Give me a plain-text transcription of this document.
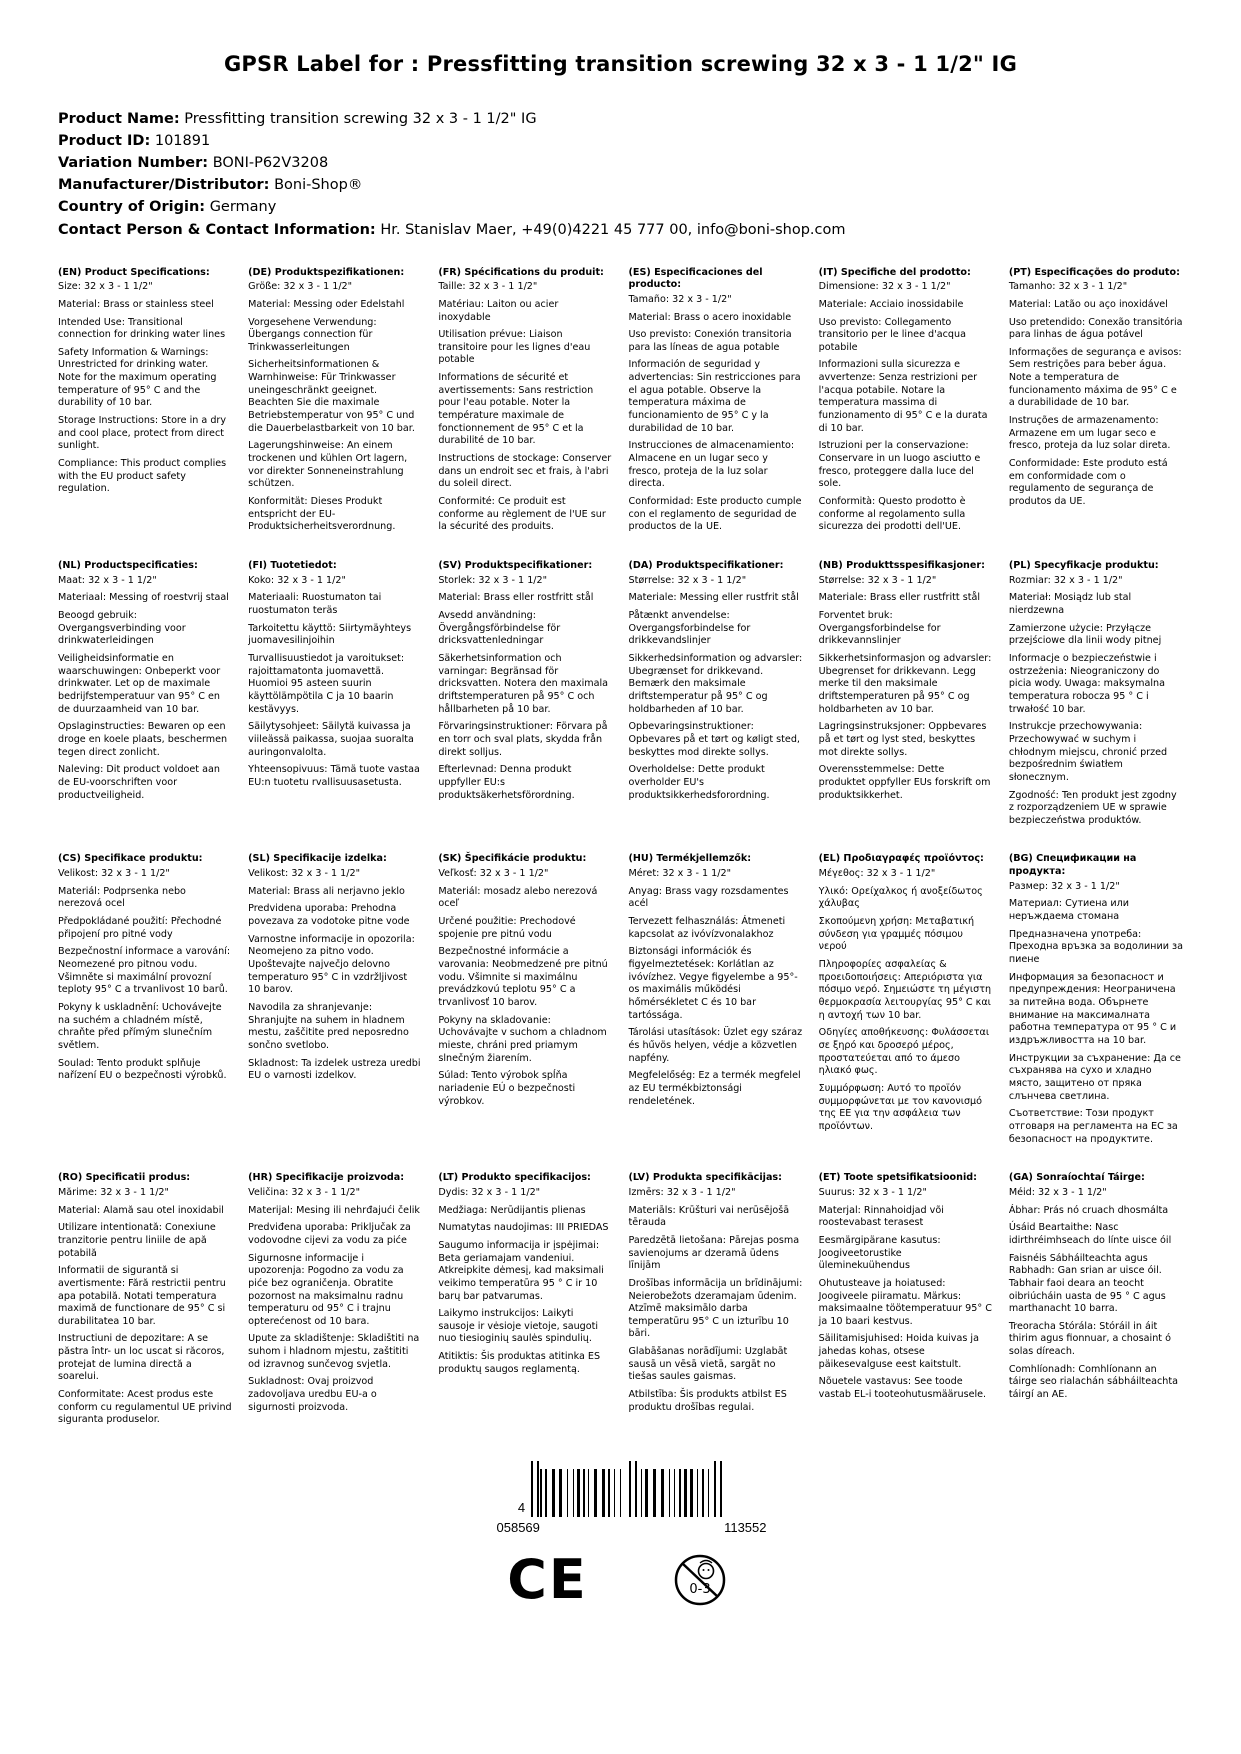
GPSR Label for : Pressfitting transition screwing 32 x 3 - 1 1/2" IG
Product Name: Pressfitting transition screwing 32 x 3 - 1 1/2" IG
Product ID: 101891
Variation Number: BONI-P62V3208
Manufacturer/Distributor: Boni-Shop®
Country of Origin: Germany
Contact Person & Contact Information: Hr. Stanislav Maer, +49(0)4221 45 777 00, info@boni-shop.com
(EN) Product Specifications:

Size: 32 x 3 - 1 1/2"

Material: Brass or stainless steel

Intended Use: Transitional connection for drinking water lines

Safety Information & Warnings: Unrestricted for drinking water. Note for the maximum operating temperature of 95° C and the durability of 10 bar.

Storage Instructions: Store in a dry and cool place, protect from direct sunlight.

Compliance: This product complies with the EU product safety regulation.

(DE) Produktspezifikationen:

Größe: 32 x 3 - 1 1/2"

Material: Messing oder Edelstahl

Vorgesehene Verwendung: Übergangs connection für Trinkwasserleitungen

Sicherheitsinformationen & Warnhinweise: Für Trinkwasser uneingeschränkt geeignet. Beachten Sie die maximale Betriebstemperatur von 95° C und die Dauerbelastbarkeit von 10 bar.

Lagerungshinweise: An einem trockenen und kühlen Ort lagern, vor direkter Sonneneinstrahlung schützen.

Konformität: Dieses Produkt entspricht der EU-Produktsicherheitsverordnung.

(FR) Spécifications du produit:

Taille: 32 x 3 - 1 1/2"

Matériau: Laiton ou acier inoxydable

Utilisation prévue: Liaison transitoire pour les lignes d'eau potable

Informations de sécurité et avertissements: Sans restriction pour l'eau potable. Noter la température maximale de fonctionnement de 95° C et la durabilité de 10 bar.

Instructions de stockage: Conserver dans un endroit sec et frais, à l'abri du soleil direct.

Conformité: Ce produit est conforme au règlement de l'UE sur la sécurité des produits.

(ES) Especificaciones del producto:

Tamaño: 32 x 3 - 1/2"

Material: Brass o acero inoxidable

Uso previsto: Conexión transitoria para las líneas de agua potable

Información de seguridad y advertencias: Sin restricciones para el agua potable. Observe la temperatura máxima de funcionamiento de 95° C y la durabilidad de 10 bar.

Instrucciones de almacenamiento: Almacene en un lugar seco y fresco, proteja de la luz solar directa.

Conformidad: Este producto cumple con el reglamento de seguridad de productos de la UE.

(IT) Specifiche del prodotto:

Dimensione: 32 x 3 - 1 1/2"

Materiale: Acciaio inossidabile

Uso previsto: Collegamento transitorio per le linee d'acqua potabile

Informazioni sulla sicurezza e avvertenze: Senza restrizioni per l'acqua potabile. Notare la temperatura massima di funzionamento di 95° C e la durata di 10 bar.

Istruzioni per la conservazione: Conservare in un luogo asciutto e fresco, proteggere dalla luce del sole.

Conformità: Questo prodotto è conforme al regolamento sulla sicurezza dei prodotti dell'UE.

(PT) Especificações do produto:

Tamanho: 32 x 3 - 1 1/2"

Material: Latão ou aço inoxidável

Uso pretendido: Conexão transitória para linhas de água potável

Informações de segurança e avisos: Sem restrições para beber água. Note a temperatura de funcionamento máxima de 95° C e a durabilidade de 10 bar.

Instruções de armazenamento: Armazene em um lugar seco e fresco, proteja da luz solar direta.

Conformidade: Este produto está em conformidade com o regulamento de segurança de produtos da UE.

(NL) Productspecificaties:

Maat: 32 x 3 - 1 1/2"

Materiaal: Messing of roestvrij staal

Beoogd gebruik: Overgangsverbinding voor drinkwaterleidingen

Veiligheidsinformatie en waarschuwingen: Onbeperkt voor drinkwater. Let op de maximale bedrijfstemperatuur van 95° C en de duurzaamheid van 10 bar.

Opslaginstructies: Bewaren op een droge en koele plaats, beschermen tegen direct zonlicht.

Naleving: Dit product voldoet aan de EU-voorschriften voor productveiligheid.

(FI) Tuotetiedot:

Koko: 32 x 3 - 1 1/2"

Materiaali: Ruostumaton tai ruostumaton teräs

Tarkoitettu käyttö: Siirtymäyhteys juomavesilinjoihin

Turvallisuustiedot ja varoitukset: rajoittamatonta juomavettä. Huomioi 95 asteen suurin käyttölämpötila C ja 10 baarin kestävyys.

Säilytysohjeet: Säilytä kuivassa ja viileässä paikassa, suojaa suoralta auringonvalolta.

Yhteensopivuus: Tämä tuote vastaa EU:n tuotetu rvallisuusasetusta.

(SV) Produktspecifikationer:

Storlek: 32 x 3 - 1 1/2"

Material: Brass eller rostfritt stål

Avsedd användning: Övergångsförbindelse för dricksvattenledningar

Säkerhetsinformation och varningar: Begränsad för dricksvatten. Notera den maximala driftstemperaturen på 95° C och hållbarheten på 10 bar.

Förvaringsinstruktioner: Förvara på en torr och sval plats, skydda från direkt solljus.

Efterlevnad: Denna produkt uppfyller EU:s produktsäkerhetsförordning.

(DA) Produktspecifikationer:

Størrelse: 32 x 3 - 1 1/2"

Materiale: Messing eller rustfrit stål

Påtænkt anvendelse: Overgangsforbindelse for drikkevandslinjer

Sikkerhedsinformation og advarsler: Ubegrænset for drikkevand. Bemærk den maksimale driftstemperatur på 95° C og holdbarheden af 10 bar.

Opbevaringsinstruktioner: Opbevares på et tørt og køligt sted, beskyttes mod direkte sollys.

Overholdelse: Dette produkt overholder EU's produktsikkerhedsforordning.

(NB) Produkttsspesifikasjoner:

Størrelse: 32 x 3 - 1 1/2"

Materiale: Brass eller rustfritt stål

Forventet bruk: Overgangsforbindelse for drikkevannslinjer

Sikkerhetsinformasjon og advarsler: Ubegrenset for drikkevann. Legg merke til den maksimale driftstemperaturen på 95° C og holdbarheten av 10 bar.

Lagringsinstruksjoner: Oppbevares på et tørt og lyst sted, beskyttes mot direkte sollys.

Overensstemmelse: Dette produktet oppfyller EUs forskrift om produktsikkerhet.

(PL) Specyfikacje produktu:

Rozmiar: 32 x 3 - 1 1/2"

Materiał: Mosiądz lub stal nierdzewna

Zamierzone użycie: Przyłącze przejściowe dla linii wody pitnej

Informacje o bezpieczeństwie i ostrzeżenia: Nieograniczony do picia wody. Uwaga: maksymalna temperatura robocza 95 ° C i trwałość 10 bar.

Instrukcje przechowywania: Przechowywać w suchym i chłodnym miejscu, chronić przed bezpośrednim światłem słonecznym.

Zgodność: Ten produkt jest zgodny z rozporządzeniem UE w sprawie bezpieczeństwa produktów.

(CS) Specifikace produktu:

Velikost: 32 x 3 - 1 1/2"

Materiál: Podprsenka nebo nerezová ocel

Předpokládané použití: Přechodné připojení pro pitné vody

Bezpečnostní informace a varování: Neomezené pro pitnou vodu. Všimněte si maximální provozní teploty 95° C a trvanlivost 10 barů.

Pokyny k uskladnění: Uchovávejte na suchém a chladném místě, chraňte před přímým slunečním světlem.

Soulad: Tento produkt splňuje nařízení EU o bezpečnosti výrobků.

(SL) Specifikacije izdelka:

Velikost: 32 x 3 - 1 1/2"

Material: Brass ali nerjavno jeklo

Predvidena uporaba: Prehodna povezava za vodotoke pitne vode

Varnostne informacije in opozorila: Neomejeno za pitno vodo. Upoštevajte največjo delovno temperaturo 95° C in vzdržljivost 10 barov.

Navodila za shranjevanje: Shranjujte na suhem in hladnem mestu, zaščitite pred neposredno sončno svetlobo.

Skladnost: Ta izdelek ustreza uredbi EU o varnosti izdelkov.

(SK) Špecifikácie produktu:

Veľkosť: 32 x 3 - 1 1/2"

Materiál: mosadz alebo nerezová oceľ

Určené použitie: Prechodové spojenie pre pitnú vodu

Bezpečnostné informácie a varovania: Neobmedzené pre pitnú vodu. Všimnite si maximálnu prevádzkovú teplotu 95° C a trvanlivosť 10 barov.

Pokyny na skladovanie: Uchovávajte v suchom a chladnom mieste, chráni pred priamym slnečným žiarením.

Súlad: Tento výrobok spĺňa nariadenie EÚ o bezpečnosti výrobkov.

(HU) Termékjellemzők:

Méret: 32 x 3 - 1 1/2"

Anyag: Brass vagy rozsdamentes acél

Tervezett felhasználás: Átmeneti kapcsolat az ivóvízvonalakhoz

Biztonsági információk és figyelmeztetések: Korlátlan az ivóvízhez. Vegye figyelembe a 95°-os maximális működési hőmérsékletet C és 10 bar tartóssága.

Tárolási utasítások: Üzlet egy száraz és hűvös helyen, védje a közvetlen napfény.

Megfelelőség: Ez a termék megfelel az EU termékbiztonsági rendeletének.

(EL) Προδιαγραφές προϊόντος:

Μέγεθος: 32 x 3 - 1 1/2"

Υλικό: Ορείχαλκος ή ανοξείδωτος χάλυβας

Σκοπούμενη χρήση: Μεταβατική σύνδεση για γραμμές πόσιμου νερού

Πληροφορίες ασφαλείας & προειδοποιήσεις: Απεριόριστα για πόσιμο νερό. Σημειώστε τη μέγιστη θερμοκρασία λειτουργίας 95° C και η αντοχή των 10 bar.

Οδηγίες αποθήκευσης: Φυλάσσεται σε ξηρό και δροσερό μέρος, προστατεύεται από το άμεσο ηλιακό φως.

Συμμόρφωση: Αυτό το προϊόν συμμορφώνεται με τον κανονισμό της ΕΕ για την ασφάλεια των προϊόντων.

(BG) Спецификации на продукта:

Размер: 32 x 3 - 1 1/2"

Материал: Сутиена или неръждаема стомана

Предназначена употреба: Преходна връзка за водолинии за пиене

Информация за безопасност и предупреждения: Неограничена за питейна вода. Обърнете внимание на максималната работна температура от 95 ° C и издръжливостта на 10 bar.

Инструкции за съхранение: Да се съхранява на сухо и хладно място, защитено от пряка слънчева светлина.

Съответствие: Този продукт отговаря на регламента на ЕС за безопасност на продуктите.

(RO) Specificatii produs:

Mărime: 32 x 3 - 1 1/2"

Material: Alamă sau otel inoxidabil

Utilizare intentionată: Conexiune tranzitorie pentru liniile de apă potabilă

Informatii de sigurantă si avertismente: Fără restrictii pentru apa potabilă. Notati temperatura maximă de functionare de 95° C si durabilitatea 10 bar.

Instructiuni de depozitare: A se păstra într- un loc uscat si răcoros, protejat de lumina directă a soarelui.

Conformitate: Acest produs este conform cu regulamentul UE privind siguranta produselor.

(HR) Specifikacije proizvoda:

Veličina: 32 x 3 - 1 1/2"

Materijal: Mesing ili nehrđajući čelik

Predviđena uporaba: Priključak za vodovodne cijevi za vodu za piće

Sigurnosne informacije i upozorenja: Pogodno za vodu za piće bez ograničenja. Obratite pozornost na maksimalnu radnu temperaturu od 95° C i trajnu opterećenost od 10 bara.

Upute za skladištenje: Skladištiti na suhom i hladnom mjestu, zaštititi od izravnog sunčevog svjetla.

Sukladnost: Ovaj proizvod zadovoljava uredbu EU-a o sigurnosti proizvoda.

(LT) Produkto specifikacijos:

Dydis: 32 x 3 - 1 1/2"

Medžiaga: Nerūdijantis plienas

Numatytas naudojimas: III PRIEDAS

Saugumo informacija ir įspėjimai: Beta geriamajam vandeniui. Atkreipkite dėmesį, kad maksimali veikimo temperatūra 95 ° C ir 10 barų bar patvarumas.

Laikymo instrukcijos: Laikyti sausoje ir vėsioje vietoje, saugoti nuo tiesioginių saulės spindulių.

Atitiktis: Šis produktas atitinka ES produktų saugos reglamentą.

(LV) Produkta specifikācijas:

Izmērs: 32 x 3 - 1 1/2"

Materiāls: Krūšturi vai nerūsējošā tērauda

Paredzētā lietošana: Pārejas posma savienojums ar dzeramā ūdens līnijām

Drošības informācija un brīdinājumi: Neierobežots dzeramajam ūdenim. Atzīmē maksimālo darba temperatūru 95° C un izturību 10 bāri.

Glabāšanas norādījumi: Uzglabāt sausā un vēsā vietā, sargāt no tiešas saules gaismas.

Atbilstība: Šis produkts atbilst ES produktu drošības regulai.

(ET) Toote spetsifikatsioonid:

Suurus: 32 x 3 - 1 1/2"

Materjal: Rinnahoidjad või roostevabast terasest

Eesmärgipärane kasutus: Joogiveetorustike üleminekuühendus

Ohutusteave ja hoiatused: Joogiveele piiramatu. Märkus: maksimaalne töötemperatuur 95° C ja 10 baari kestvus.

Säilitamisjuhised: Hoida kuivas ja jahedas kohas, otsese päikesevalguse eest kaitstult.

Nõuetele vastavus: See toode vastab EL-i tooteohutusmäärusele.

(GA) Sonraíochtaí Táirge:

Méid: 32 x 3 - 1 1/2"

Ábhar: Prás nó cruach dhosmálta

Úsáid Beartaithe: Nasc idirthréimhseach do línte uisce óil

Faisnéis Sábháilteachta agus Rabhadh: Gan srian ar uisce óil. Tabhair faoi deara an teocht oibriúcháin uasta de 95 ° C agus marthanacht 10 barra.

Treoracha Stórála: Stóráil in áit thirim agus fionnuar, a chosaint ó solas díreach.

Comhlíonadh: Comhlíonann an táirge seo rialachán sábháilteachta táirgí an AE.

4
058569	113552
CE	0-3
